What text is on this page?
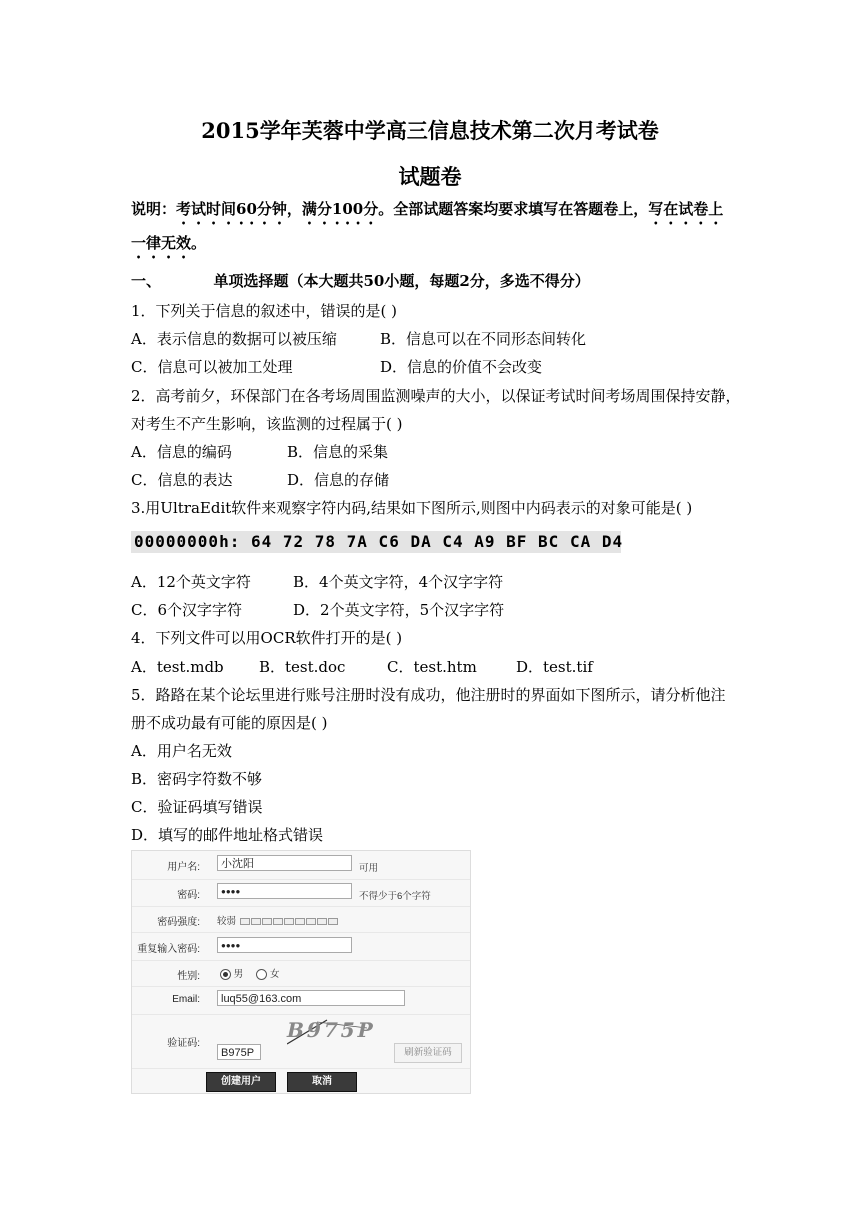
2015学年芙蓉中学高三信息技术第二次月考试卷
试题卷
说明：考试时间60分钟，满分100分。全部试题答案均要求填写在答题卷上，写在试卷上
一律无效。
一、	单项选择题（本大题共50小题，每题2分，多选不得分）
1．下列关于信息的叙述中，错误的是( )
A．表示信息的数据可以被压缩	B．信息可以在不同形态间转化
C．信息可以被加工处理	D．信息的价值不会改变
2．高考前夕，环保部门在各考场周围监测噪声的大小，以保证考试时间考场周围保持安静，
对考生不产生影响，该监测的过程属于( )
A．信息的编码	B．信息的采集
C．信息的表达	D．信息的存储
3.用UltraEdit软件来观察字符内码,结果如下图所示,则图中内码表示的对象可能是( )
00000000h: 64 72 78 7A C6 DA C4 A9 BF BC CA D4
A．12个英文字符	B．4个英文字符，4个汉字字符
C．6个汉字字符	D．2个英文字符，5个汉字字符
4．下列文件可以用OCR软件打开的是( )
A．test.mdb B．test.doc	C．test.htm	D．test.tif
5．路路在某个论坛里进行账号注册时没有成功，他注册时的界面如下图所示，请分析他注
册不成功最有可能的原因是( )
A．用户名无效
B．密码字符数不够
C．验证码填写错误
D．填写的邮件地址格式错误
用户名:	小沈阳	可用
密码:	●●●●	不得少于6个字符
密码强度: 较弱
重复输入密码:	●●●●
性别:	男	女
Email:	luq55@163.com
验证码:
B975P
B975P	刷新验证码
创建用户	取消
